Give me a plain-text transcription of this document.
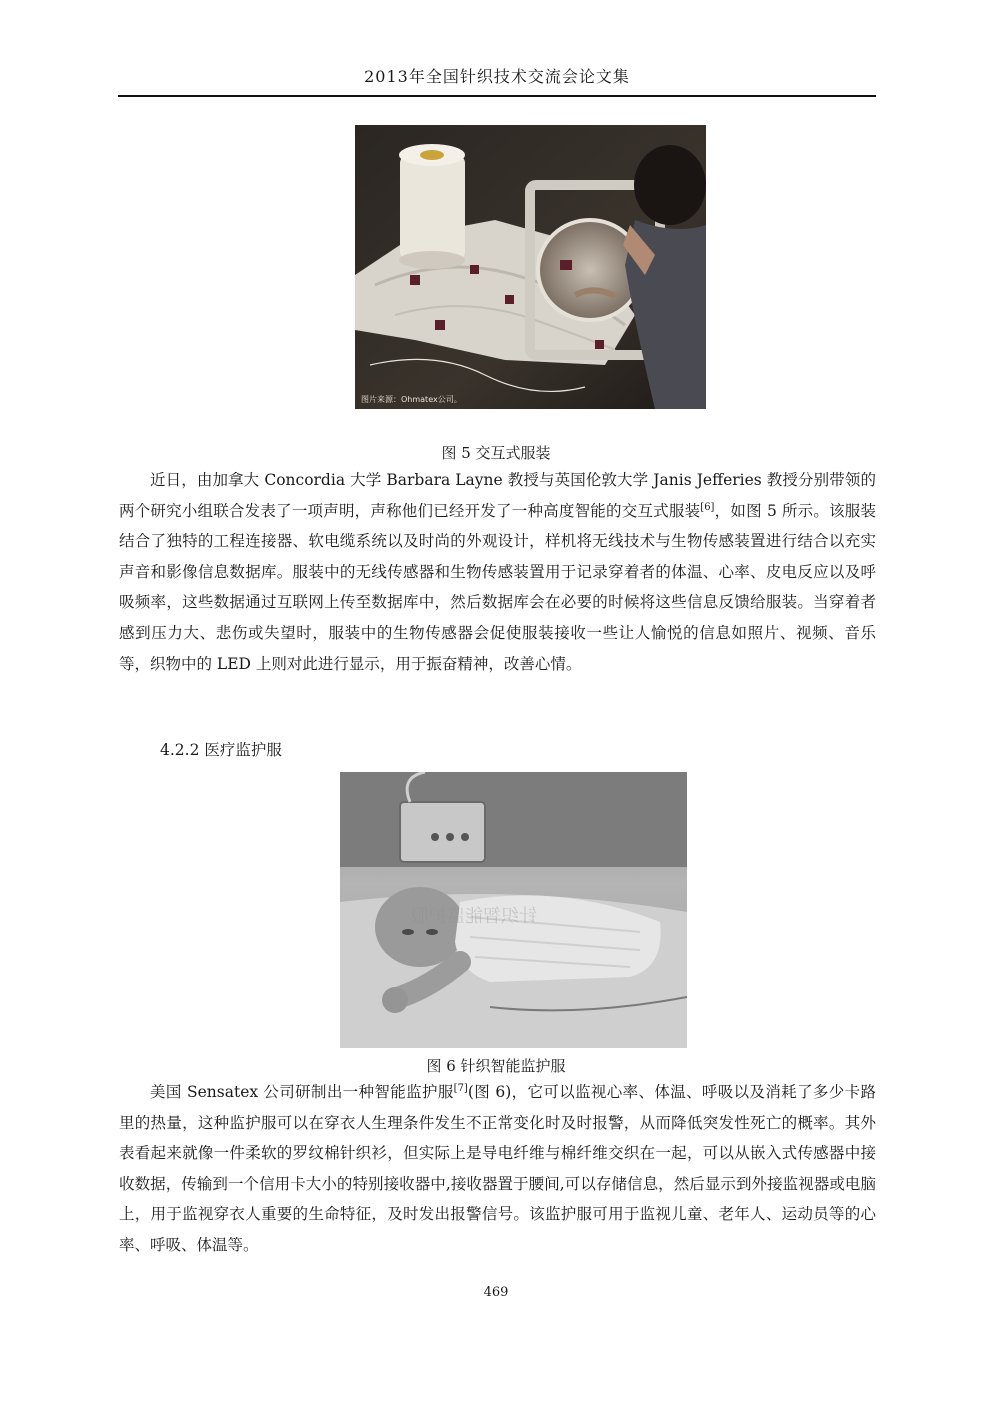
2013年全国针织技术交流会论文集
图片来源：Ohmatex公司。
图 5 交互式服装

近日，由加拿大 Concordia 大学 Barbara Layne 教授与英国伦敦大学 Janis Jefferies 教授分别带领的两个研究小组联合发表了一项声明，声称他们已经开发了一种高度智能的交互式服装[6]，如图 5 所示。该服装结合了独特的工程连接器、软电缆系统以及时尚的外观设计，样机将无线技术与生物传感装置进行结合以充实声音和影像信息数据库。服装中的无线传感器和生物传感装置用于记录穿着者的体温、心率、皮电反应以及呼吸频率，这些数据通过互联网上传至数据库中，然后数据库会在必要的时候将这些信息反馈给服装。当穿着者感到压力大、悲伤或失望时，服装中的生物传感器会促使服装接收一些让人愉悦的信息如照片、视频、音乐等，织物中的 LED 上则对此进行显示，用于振奋精神，改善心情。

4.2.2 医疗监护服
针织智能监护服
图 6 针织智能监护服

美国 Sensatex 公司研制出一种智能监护服[7](图 6)，它可以监视心率、体温、呼吸以及消耗了多少卡路里的热量，这种监护服可以在穿衣人生理条件发生不正常变化时及时报警，从而降低突发性死亡的概率。其外表看起来就像一件柔软的罗纹棉针织衫，但实际上是导电纤维与棉纤维交织在一起，可以从嵌入式传感器中接收数据，传输到一个信用卡大小的特别接收器中,接收器置于腰间,可以存储信息，然后显示到外接监视器或电脑上，用于监视穿衣人重要的生命特征，及时发出报警信号。该监护服可用于监视儿童、老年人、运动员等的心率、呼吸、体温等。

469
